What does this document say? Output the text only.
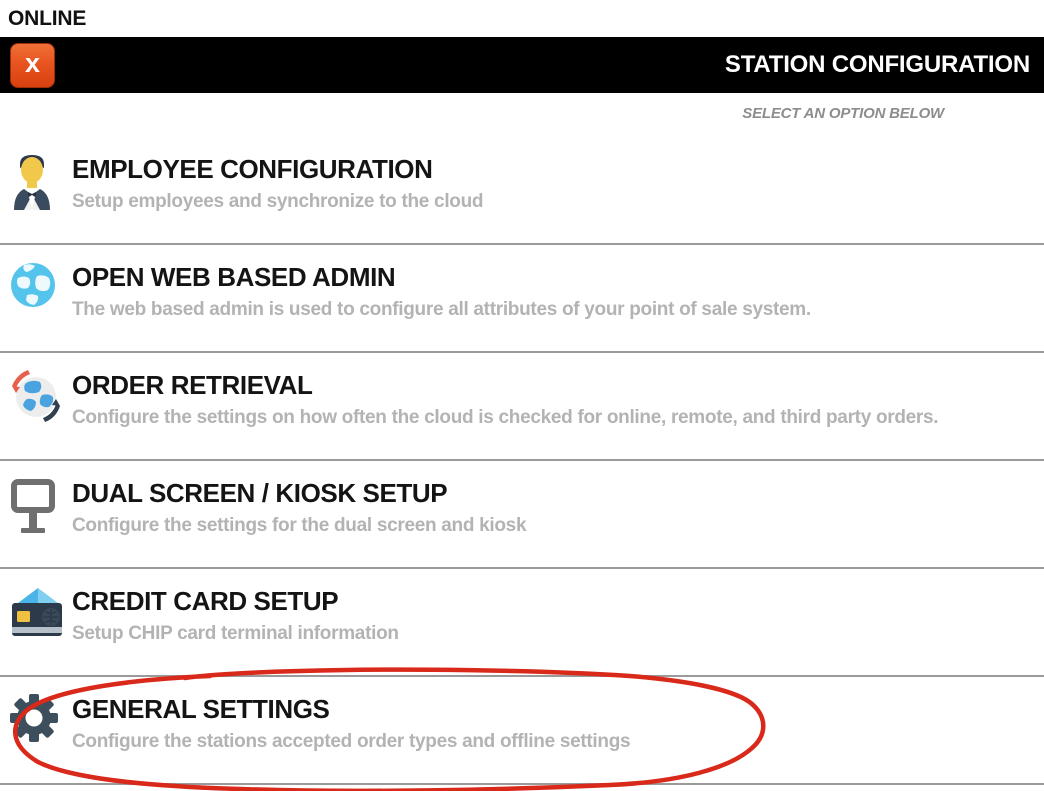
ONLINE
x	STATION CONFIGURATION
SELECT AN OPTION BELOW
EMPLOYEE CONFIGURATION
Setup employees and synchronize to the cloud
OPEN WEB BASED ADMIN
The web based admin is used to configure all attributes of your point of sale system.
ORDER RETRIEVAL
Configure the settings on how often the cloud is checked for online, remote, and third party orders.
DUAL SCREEN / KIOSK SETUP
Configure the settings for the dual screen and kiosk
CREDIT CARD SETUP
Setup CHIP card terminal information
GENERAL SETTINGS
Configure the stations accepted order types and offline settings
